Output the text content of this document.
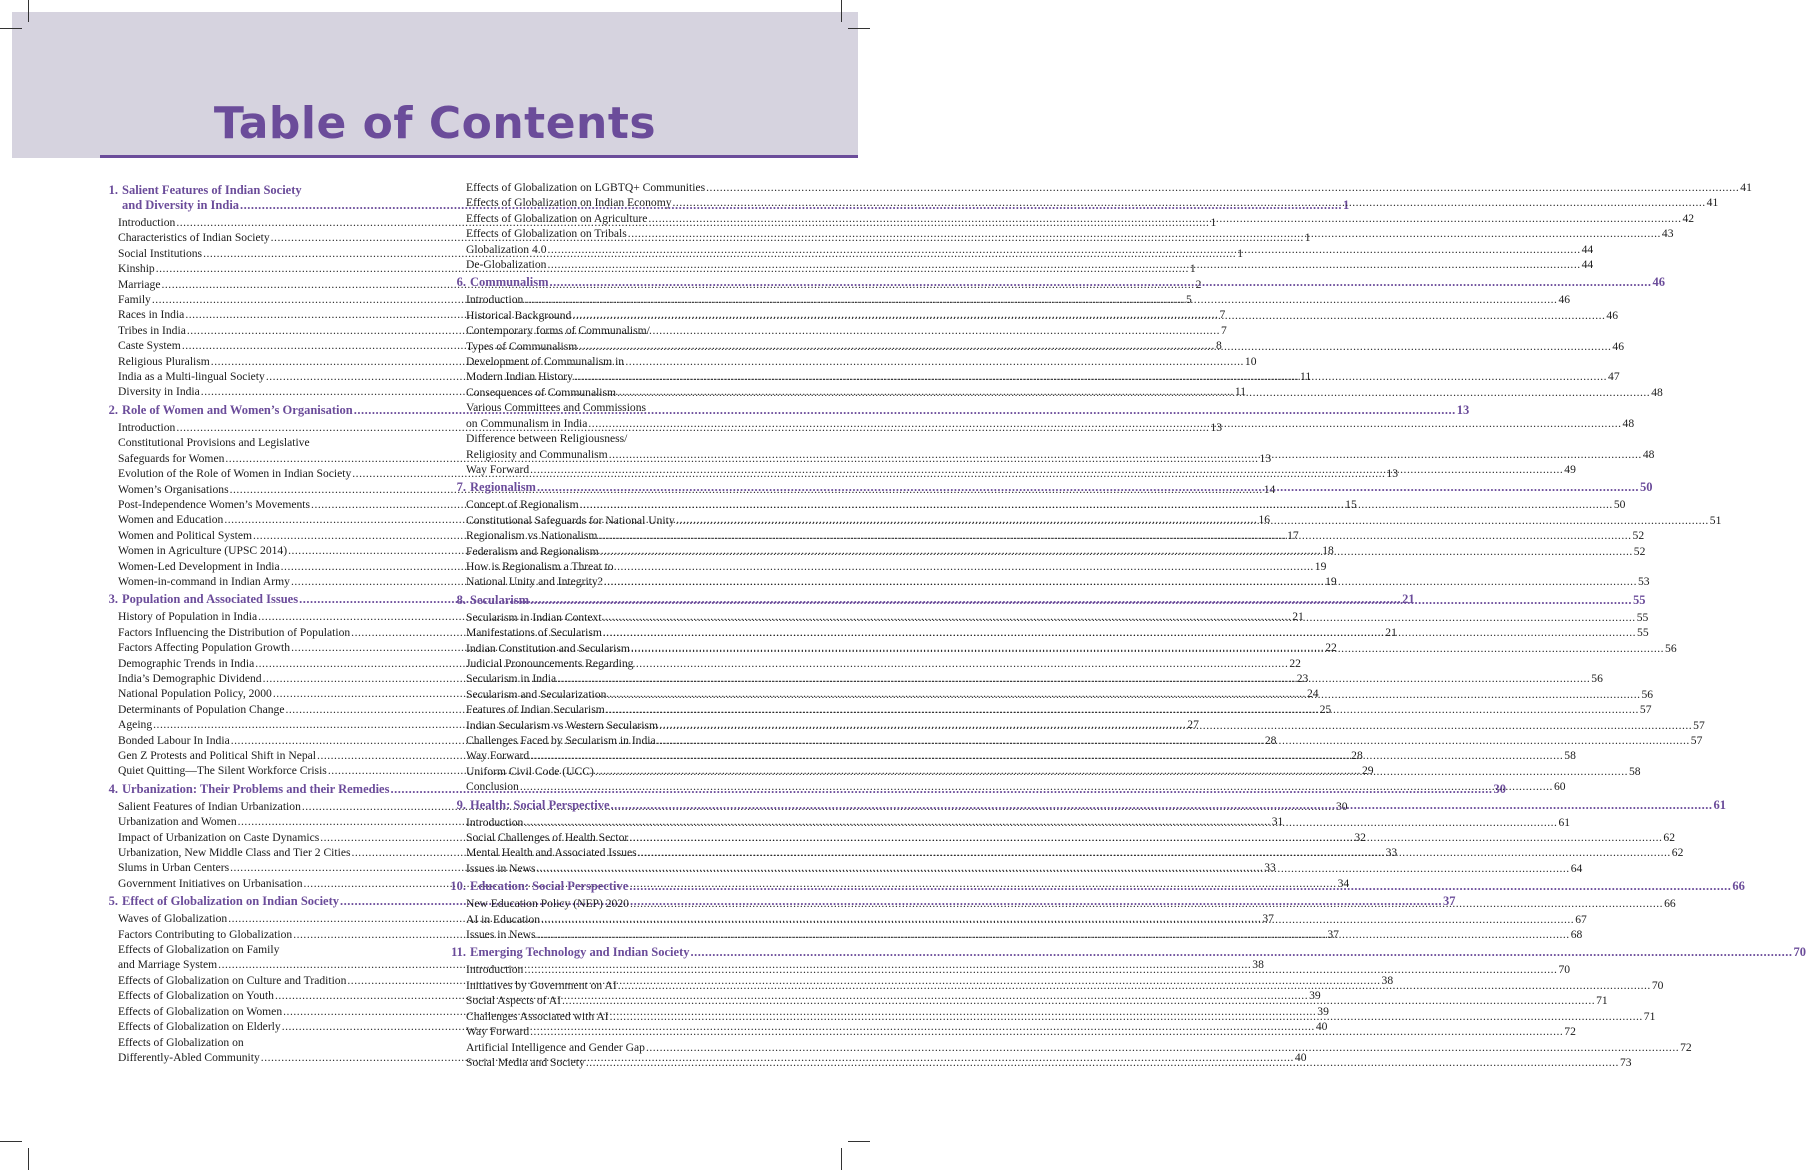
Table of Contents
1. Salient Features of Indian Society
and Diversity in India .....	1
Introduction .....	1
Characteristics of Indian Society .....	1
Social Institutions .....	1
Kinship .....	1
Marriage .....	2
Family .....	5
Races in India .....	7
Tribes in India .....	7
Caste System .....	8
Religious Pluralism .....	10
India as a Multi-lingual Society .....	11
Diversity in India .....	11
2. Role of Women and Women’s Organisation .....	13
Introduction .....	13
Constitutional Provisions and Legislative
Safeguards for Women .....	13
Evolution of the Role of Women in Indian Society .....	13
Women’s Organisations .....	14
Post-Independence Women’s Movements .....	15
Women and Education .....	16
Women and Political System .....	17
Women in Agriculture (UPSC 2014) .....	18
Women-Led Development in India .....	19
Women-in-command in Indian Army .....	19
3. Population and Associated Issues .....	21
History of Population in India .....	21
Factors Influencing the Distribution of Population .....	21
Factors Affecting Population Growth .....	22
Demographic Trends in India .....	22
India’s Demographic Dividend .....	23
National Population Policy, 2000 .....	24
Determinants of Population Change .....	25
Ageing .....	27
Bonded Labour In India .....	28
Gen Z Protests and Political Shift in Nepal .....	28
Quiet Quitting—The Silent Workforce Crisis .....	29
4. Urbanization: Their Problems and their Remedies .....	30
Salient Features of Indian Urbanization .....	30
Urbanization and Women .....	31
Impact of Urbanization on Caste Dynamics .....	32
Urbanization, New Middle Class and Tier 2 Cities .....	33
Slums in Urban Centers .....	33
Government Initiatives on Urbanisation .....	34
5. Effect of Globalization on Indian Society .....	37
Waves of Globalization .....	37
Factors Contributing to Globalization .....	37
Effects of Globalization on Family
and Marriage System .....	38
Effects of Globalization on Culture and Tradition .....	38
Effects of Globalization on Youth .....	39
Effects of Globalization on Women .....	39
Effects of Globalization on Elderly .....	40
Effects of Globalization on
Differently-Abled Community .....	40
Effects of Globalization on LGBTQ+ Communities .....	41
Effects of Globalization on Indian Economy .....	41
Effects of Globalization on Agriculture .....	42
Effects of Globalization on Tribals .....	43
Globalization 4.0 .....	44
De-Globalization .....	44
6. Communalism .....	46
Introduction .....	46
Historical Background .....	46
Contemporary forms of Communalism/
Types of Communalism .....	46
Development of Communalism in
Modern Indian History .....	47
Consequences of Communalism .....	48
Various Committees and Commissions
on Communalism in India .....	48
Difference between Religiousness/
Religiosity and Communalism .....	48
Way Forward .....	49
7. Regionalism .....	50
Concept of Regionalism .....	50
Constitutional Safeguards for National Unity .....	51
Regionalism vs Nationalism .....	52
Federalism and Regionalism .....	52
How is Regionalism a Threat to
National Unity and Integrity? .....	53
8. Secularism .....	55
Secularism in Indian Context .....	55
Manifestations of Secularism .....	55
Indian Constitution and Secularism .....	56
Judicial Pronouncements Regarding
Secularism in India .....	56
Secularism and Secularization .....	56
Features of Indian Secularism .....	57
Indian Secularism vs Western Secularism .....	57
Challenges Faced by Secularism in India .....	57
Way Forward .....	58
Uniform Civil Code (UCC) .....	58
Conclusion .....	60
9. Health: Social Perspective .....	61
Introduction .....	61
Social Challenges of Health Sector .....	62
Mental Health and Associated Issues .....	62
Issues in News .....	64
10. Education: Social Perspective .....	66
New Education Policy (NEP) 2020 .....	66
AI in Education .....	67
Issues in News .....	68
11. Emerging Technology and Indian Society .....	70
Introduction .....	70
Initiatives by Government on AI .....	70
Social Aspects of AI .....	71
Challenges Associated with AI .....	71
Way Forward .....	72
Artificial Intelligence and Gender Gap .....	72
Social Media and Society .....	73
